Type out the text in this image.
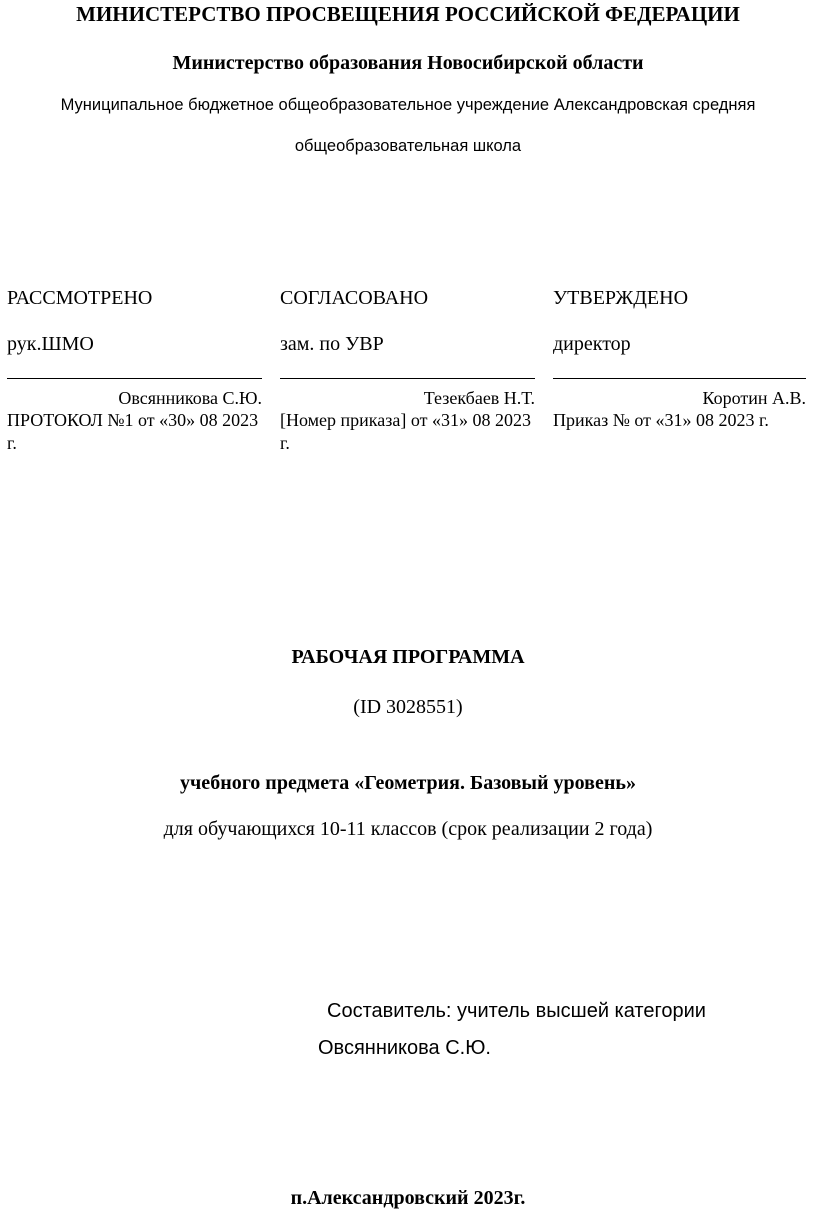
МИНИСТЕРСТВО ПРОСВЕЩЕНИЯ РОССИЙСКОЙ ФЕДЕРАЦИИ
Министерство образования Новосибирской области
Муниципальное бюджетное общеобразовательное учреждение Александровская средняя
общеобразовательная школа
РАССМОТРЕНО
рук.ШМО
Овсянникова С.Ю.
ПРОТОКОЛ №1 от «30» 08 2023 г.
СОГЛАСОВАНО
зам. по УВР
Тезекбаев Н.Т.
[Номер приказа] от «31» 08 2023 г.
УТВЕРЖДЕНО
директор
Коротин А.В.
Приказ № от «31» 08 2023 г.
РАБОЧАЯ ПРОГРАММА
(ID 3028551)
учебного предмета «Геометрия. Базовый уровень»
для обучающихся 10-11 классов (срок реализации 2 года)
Составитель: учитель высшей категории
Овсянникова С.Ю.
п.Александровский 2023г.
